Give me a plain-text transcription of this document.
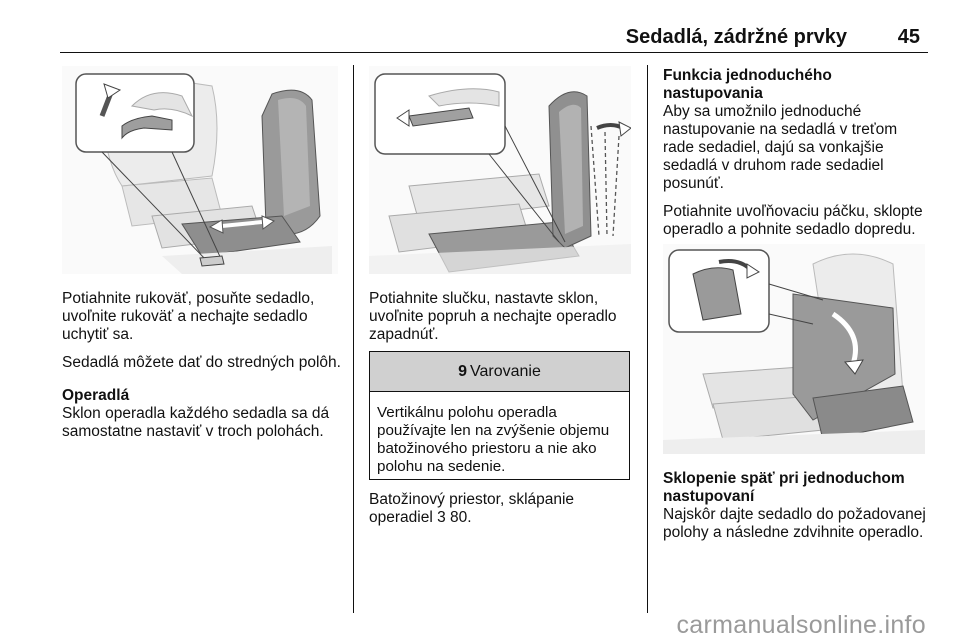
Sedadlá, zádržné prvky	45

Potiahnite rukoväť, posuňte sedadlo, uvoľnite rukoväť a nechajte sedadlo uchytiť sa.

Sedadlá môžete dať do stredných polôh.

Operadlá

Sklon operadla každého sedadla sa dá samostatne nastaviť v troch polohách.

Potiahnite slučku, nastavte sklon, uvoľnite popruh a nechajte operadlo zapadnúť.

9 Varovanie
Vertikálnu polohu operadla používajte len na zvýšenie objemu batožinového priestoru a nie ako polohu na sedenie.
Batožinový priestor, sklápanie operadiel 3 80.

Funkcia jednoduchého nastupovania

Aby sa umožnilo jednoduché nastupovanie na sedadlá v treťom rade sedadiel, dajú sa vonkajšie sedadlá v druhom rade sedadiel posunúť.

Potiahnite uvoľňovaciu páčku, sklopte operadlo a pohnite sedadlo dopredu.

Sklopenie späť pri jednoduchom nastupovaní

Najskôr dajte sedadlo do požadovanej polohy a následne zdvihnite operadlo.

carmanualsonline.info
